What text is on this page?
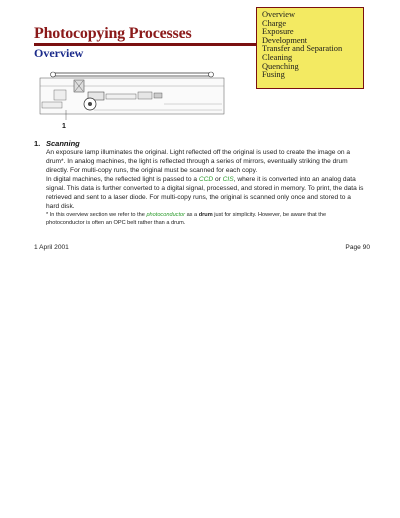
Photocopying Processes
Overview
Overview
Charge
Exposure
Development
Transfer and Separation
Cleaning
Quenching
Fusing
1
1. Scanning

An exposure lamp illuminates the original. Light reflected off the original is used to create the image on a drum*. In analog machines, the light is reflected through a series of mirrors, eventually striking the drum directly. For multi-copy runs, the original must be scanned for each copy.

In digital machines, the reflected light is passed to a CCD or CIS, where it is converted into an analog data signal. This data is further converted to a digital signal, processed, and stored in memory. To print, the data is retrieved and sent to a laser diode. For multi-copy runs, the original is scanned only once and stored to a hard disk.

* In this overview section we refer to the photoconductor as a drum just for simplicity. However, be aware that the photoconductor is often an OPC belt rather than a drum.

1 April 2001	Page 90
